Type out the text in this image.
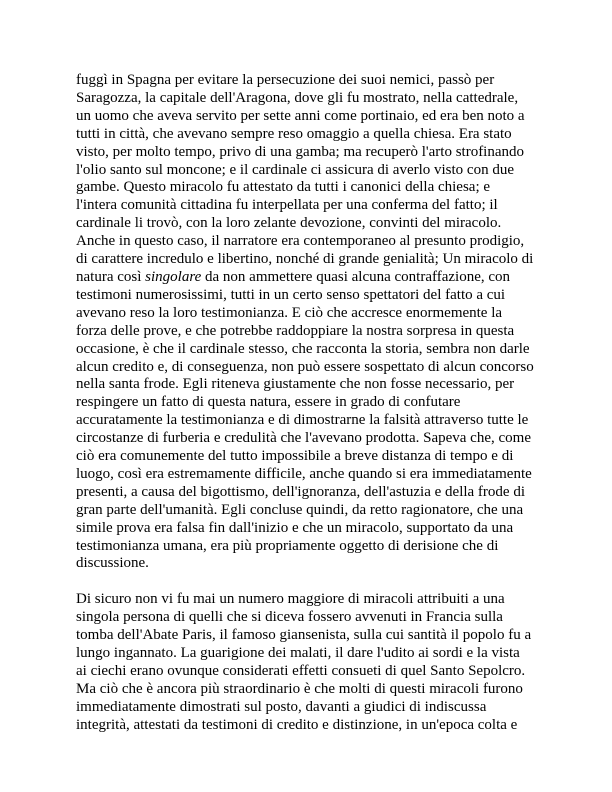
fuggì in Spagna per evitare la persecuzione dei suoi nemici, passò per
Saragozza, la capitale dell'Aragona, dove gli fu mostrato, nella cattedrale,
un uomo che aveva servito per sette anni come portinaio, ed era ben noto a
tutti in città, che avevano sempre reso omaggio a quella chiesa. Era stato
visto, per molto tempo, privo di una gamba; ma recuperò l'arto strofinando
l'olio santo sul moncone; e il cardinale ci assicura di averlo visto con due
gambe. Questo miracolo fu attestato da tutti i canonici della chiesa; e
l'intera comunità cittadina fu interpellata per una conferma del fatto; il
cardinale li trovò, con la loro zelante devozione, convinti del miracolo.
Anche in questo caso, il narratore era contemporaneo al presunto prodigio,
di carattere incredulo e libertino, nonché di grande genialità; Un miracolo di
natura così singolare da non ammettere quasi alcuna contraffazione, con
testimoni numerosissimi, tutti in un certo senso spettatori del fatto a cui
avevano reso la loro testimonianza. E ciò che accresce enormemente la
forza delle prove, e che potrebbe raddoppiare la nostra sorpresa in questa
occasione, è che il cardinale stesso, che racconta la storia, sembra non darle
alcun credito e, di conseguenza, non può essere sospettato di alcun concorso
nella santa frode. Egli riteneva giustamente che non fosse necessario, per
respingere un fatto di questa natura, essere in grado di confutare
accuratamente la testimonianza e di dimostrarne la falsità attraverso tutte le
circostanze di furberia e credulità che l'avevano prodotta. Sapeva che, come
ciò era comunemente del tutto impossibile a breve distanza di tempo e di
luogo, così era estremamente difficile, anche quando si era immediatamente
presenti, a causa del bigottismo, dell'ignoranza, dell'astuzia e della frode di
gran parte dell'umanità. Egli concluse quindi, da retto ragionatore, che una
simile prova era falsa fin dall'inizio e che un miracolo, supportato da una
testimonianza umana, era più propriamente oggetto di derisione che di
discussione.
Di sicuro non vi fu mai un numero maggiore di miracoli attribuiti a una
singola persona di quelli che si diceva fossero avvenuti in Francia sulla
tomba dell'Abate Paris, il famoso giansenista, sulla cui santità il popolo fu a
lungo ingannato. La guarigione dei malati, il dare l'udito ai sordi e la vista
ai ciechi erano ovunque considerati effetti consueti di quel Santo Sepolcro.
Ma ciò che è ancora più straordinario è che molti di questi miracoli furono
immediatamente dimostrati sul posto, davanti a giudici di indiscussa
integrità, attestati da testimoni di credito e distinzione, in un'epoca colta e
